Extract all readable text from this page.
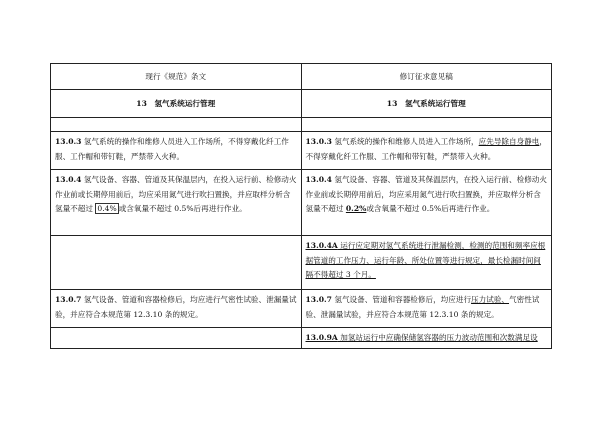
现行《规范》条文	修订征求意见稿
13　氢气系统运行管理	13　氢气系统运行管理

13.0.3 氢气系统的操作和维修人员进入工作场所，不得穿戴化纤工作服、工作帽和带钉鞋，严禁带入火种。	13.0.3 氢气系统的操作和维修人员进入工作场所，应先导除自身静电，不得穿戴化纤工作服、工作帽和带钉鞋，严禁带入火种。
13.0.4 氢气设备、容器、管道及其保温层内，在投入运行前、检修动火作业前或长期停用前后，均应采用氮气进行吹扫置换，并应取样分析含氢量不超过 0.4% 或含氧量不超过 0.5%后再进行作业。	13.0.4 氢气设备、容器、管道及其保温层内，在投入运行前、检修动火作业前或长期停用前后，均应采用氮气进行吹扫置换，并应取样分析含氢量不超过 0.2%或含氧量不超过 0.5%后再进行作业。
	13.0.4A 运行应定期对氢气系统进行泄漏检测，检测的范围和频率应根据管道的工作压力、运行年龄、所处位置等进行规定，最长检漏时间间隔不得超过 3 个月。
13.0.7 氢气设备、管道和容器检修后，均应进行气密性试验、泄漏量试验，并应符合本规范第 12.3.10 条的规定。	13.0.7 氢气设备、管道和容器检修后，均应进行压力试验、气密性试验、泄漏量试验，并应符合本规范第 12.3.10 条的规定。
	13.0.9A 加氢站运行中应确保储氢容器的压力波动范围和次数满足设
